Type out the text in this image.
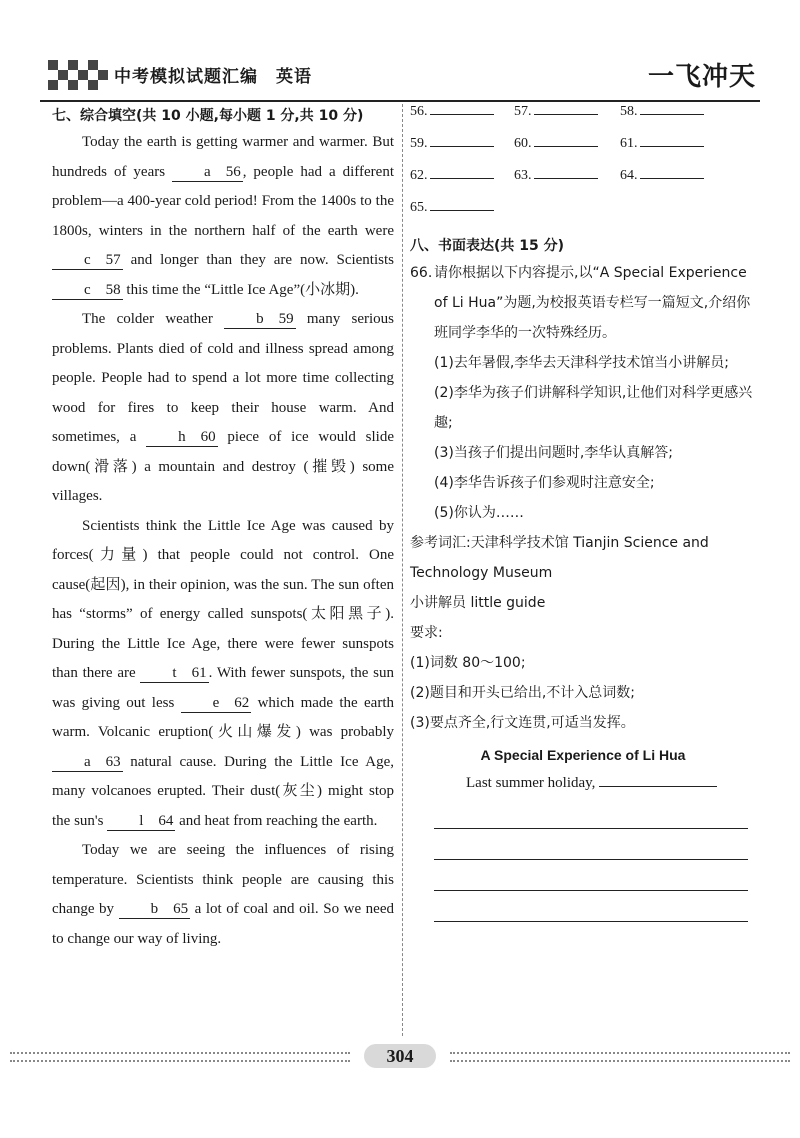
中考模拟试题汇编　英语	一飞冲天
七、综合填空(共 10 小题,每小题 1 分,共 10 分)

Today the earth is getting warmer and warmer. But hundreds of years a　56 , people had a different problem—a 400-year cold period! From the 1400s to the 1800s, winters in the northern half of the earth were c　57 and longer than they are now. Scientists c　58 this time the “Little Ice Age”(小冰期).

The colder weather b　59 many serious problems. Plants died of cold and illness spread among people. People had to spend a lot more time collecting wood for fires to keep their house warm. And sometimes, a h　60 piece of ice would slide down(滑落) a mountain and destroy (摧毁) some villages.

Scientists think the Little Ice Age was caused by forces(力量) that people could not control. One cause(起因), in their opinion, was the sun. The sun often has “storms” of energy called sunspots(太阳黑子). During the Little Ice Age, there were fewer sunspots than there are t　61 . With fewer sunspots, the sun was giving out less e　62 which made the earth warm. Volcanic eruption(火山爆发) was probably a　63 natural cause. During the Little Ice Age, many volcanoes erupted. Their dust(灰尘) might stop the sun's l　64 and heat from reaching the earth.

Today we are seeing the influences of rising temperature. Scientists think people are causing this change by b　65 a lot of coal and oil. So we need to change our way of living.

56.	57.	58.
59.	60.	61.
62.	63.	64.
65.
八、书面表达(共 15 分)
66. 请你根据以下内容提示,以“A Special Experience of Li Hua”为题,为校报英语专栏写一篇短文,介绍你班同学李华的一次特殊经历。
(1)去年暑假,李华去天津科学技术馆当小讲解员;
(2)李华为孩子们讲解科学知识,让他们对科学更感兴趣;
(3)当孩子们提出问题时,李华认真解答;
(4)李华告诉孩子们参观时注意安全;
(5)你认为……
参考词汇:天津科学技术馆 Tianjin Science and Technology Museum
小讲解员 little guide
要求:
(1)词数 80～100;
(2)题目和开头已给出,不计入总词数;
(3)要点齐全,行文连贯,可适当发挥。
A Special Experience of Li Hua
Last summer holiday,
304
